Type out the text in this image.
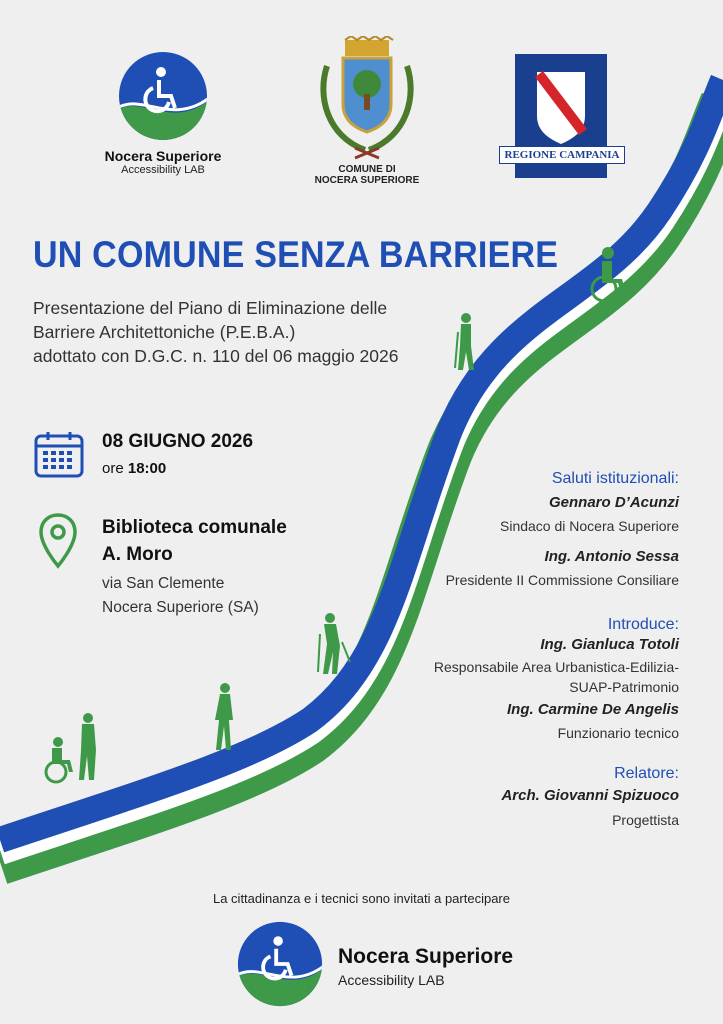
Nocera Superiore
Accessibility LAB	COMUNE DI
NOCERA SUPERIORE
REGIONE CAMPANIA
UN COMUNE SENZA BARRIERE
Presentazione del Piano di Eliminazione delle
Barriere Architettoniche (P.E.B.A.)
adottato con D.G.C. n. 110 del 06 maggio 2026
08 GIUGNO 2026
ore 18:00
Biblioteca comunale
A. Moro
via San Clemente
Nocera Superiore (SA)
Saluti istituzionali:
Gennaro D’Acunzi
Sindaco di Nocera Superiore
Ing. Antonio Sessa
Presidente II Commissione Consiliare
Introduce:
Ing. Gianluca Totoli
Responsabile Area Urbanistica-Edilizia-
SUAP-Patrimonio
Ing. Carmine De Angelis
Funzionario tecnico
Relatore:
Arch. Giovanni Spizuoco
Progettista
La cittadinanza e i tecnici sono invitati a partecipare
Nocera Superiore
Accessibility LAB
